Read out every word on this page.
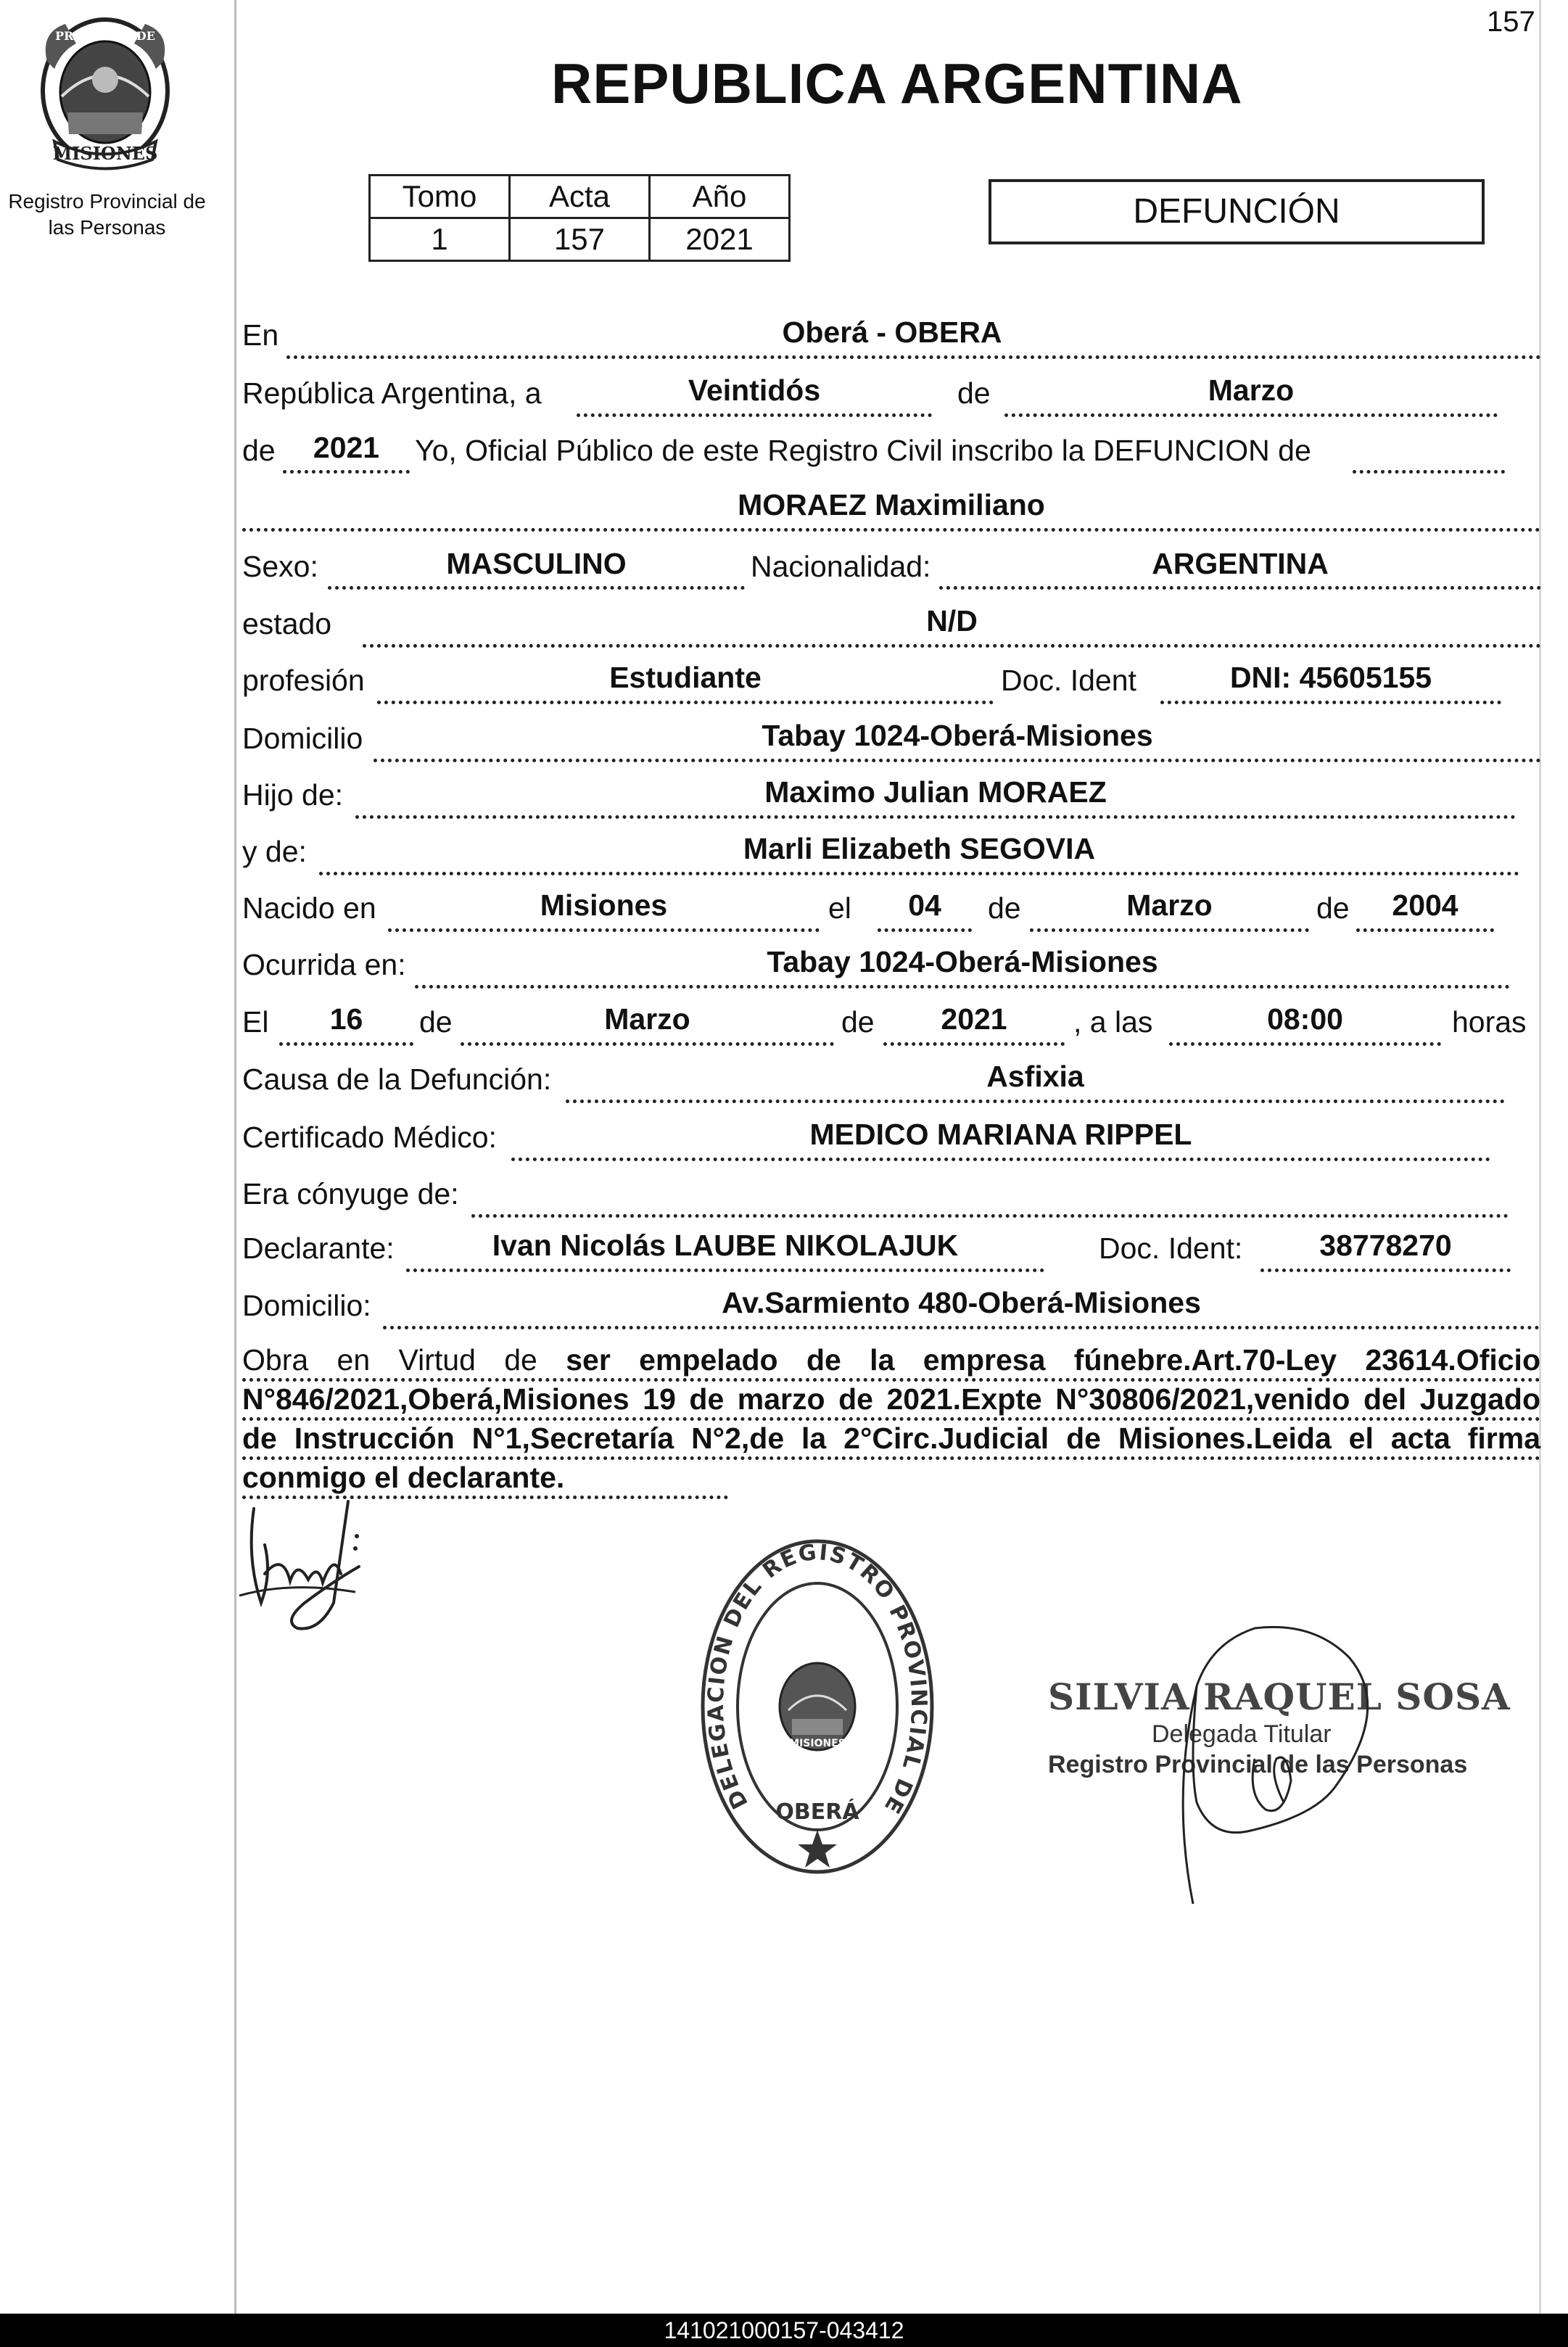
157
MISIONES
PROVINCIA DE
Registro Provincial de
las Personas
REPUBLICA ARGENTINA
Tomo	Acta	Año
1	157	2021
DEFUNCIÓN
En	Oberá - OBERA
República Argentina, a	Veintidós	de	Marzo
de	2021	Yo, Oficial Público de este Registro Civil inscribo la DEFUNCION de
MORAEZ Maximiliano
Sexo:	MASCULINO	Nacionalidad:	ARGENTINA
estado	N/D
profesión	Estudiante	Doc. Ident	DNI: 45605155
Domicilio	Tabay 1024-Oberá-Misiones
Hijo de:	Maximo Julian MORAEZ
y de:	Marli Elizabeth SEGOVIA
Nacido en	Misiones	el	04	de	Marzo	de	2004
Ocurrida en:	Tabay 1024-Oberá-Misiones
El	16	de	Marzo	de	2021	, a las	08:00	horas
Causa de la Defunción:	Asfixia
Certificado Médico:	MEDICO MARIANA RIPPEL
Era cónyuge de:
Declarante:	Ivan Nicolás LAUBE NIKOLAJUK	Doc. Ident:	38778270
Domicilio:	Av.Sarmiento 480-Oberá-Misiones
Obra en Virtud de ser empelado de la empresa fúnebre.Art.70-Ley 23614.Oficio N°846/2021,Oberá,Misiones 19 de marzo de 2021.Expte N°30806/2021,venido del Juzgado de Instrucción N°1,Secretaría N°2,de la 2°Circ.Judicial de Misiones.Leida el acta firma conmigo el declarante.
DELEGACION DEL REGISTRO PROVINCIAL DE
MISIONES
OBERÁ
SILVIA RAQUEL SOSA
Delegada Titular
Registro Provincial de las Personas
141021000157-043412
